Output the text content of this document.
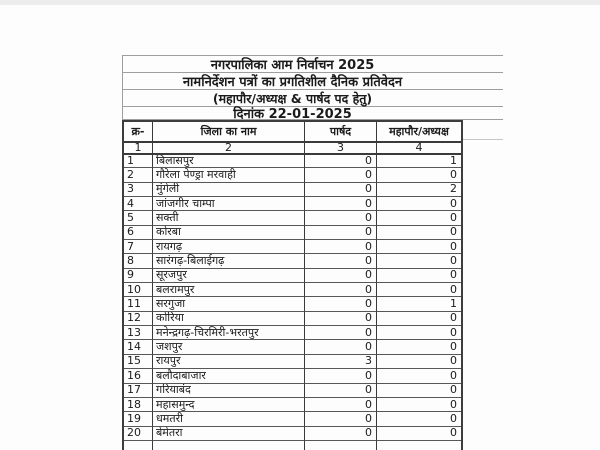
नगरपालिका आम निर्वाचन 2025
नामनिर्देशन पत्रों का प्रगतिशील दैनिक प्रतिवेदन
(महापौर/अध्यक्ष & पार्षद पद हेतु)
दिनांक 22-01-2025
क्र-	जिला का नाम	पार्षद	महापौर/अध्यक्ष
1	2	3	4
1	बिलासपुर	0	1
2	गौरेला पेण्ड्रा मरवाही	0	0
3	मुंगेली	0	2
4	जांजगीर चाम्पा	0	0
5	सक्ती	0	0
6	कोरबा	0	0
7	रायगढ़	0	0
8	सारंगढ़-बिलाईगढ़	0	0
9	सूरजपुर	0	0
10	बलरामपुर	0	0
11	सरगुजा	0	1
12	कोरिया	0	0
13	मनेन्द्रगढ़-चिरमिरी-भरतपुर	0	0
14	जशपुर	0	0
15	रायपुर	3	0
16	बलौदाबाजार	0	0
17	गरियाबंद	0	0
18	महासमुन्द	0	0
19	धमतरी	0	0
20	बेमेतरा	0	0
